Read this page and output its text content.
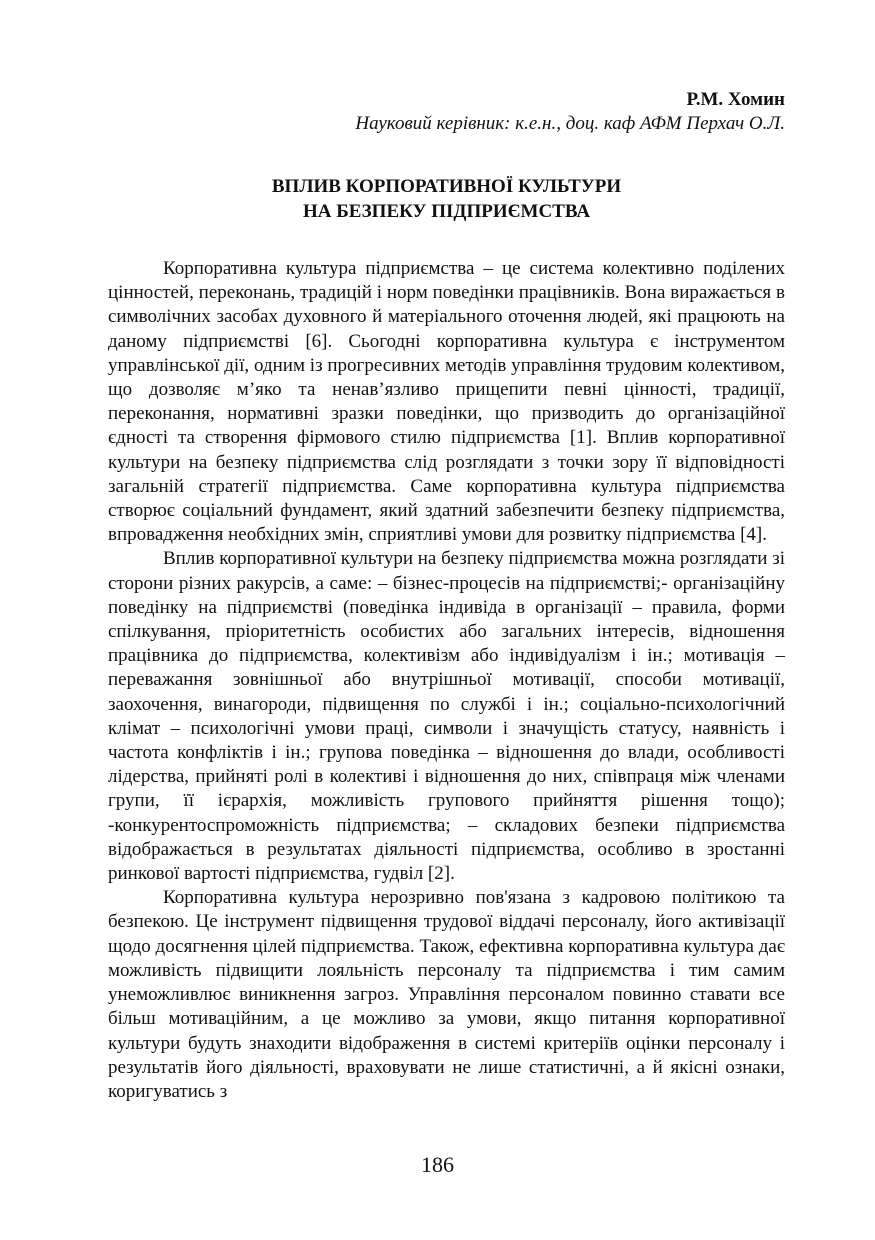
Р.М. Хомин

Науковий керівник: к.е.н., доц. каф АФМ Перхач О.Л.

ВПЛИВ КОРПОРАТИВНОЇ КУЛЬТУРИ
НА БЕЗПЕКУ ПІДПРИЄМСТВА

Корпоративна культура підприємства – це система колективно поділених цінностей, переконань, традицій і норм поведінки працівників. Вона виражається в символічних засобах духовного й матеріального оточення людей, які працюють на даному підприємстві [6]. Сьогодні корпоративна культура є інструментом управлінської дії, одним із прогресивних методів управління трудовим колективом, що дозволяє м’яко та ненав’язливо прищепити певні цінності, традиції, переконання, нормативні зразки поведінки, що призводить до організаційної єдності та створення фірмового стилю підприємства [1]. Вплив корпоративної культури на безпеку підприємства слід розглядати з точки зору її відповідності загальній стратегії підприємства. Саме корпоративна культура підприємства створює соціальний фундамент, який здатний забезпечити безпеку підприємства, впровадження необхідних змін, сприятливі умови для розвитку підприємства [4].

Вплив корпоративної культури на безпеку підприємства можна розглядати зі сторони різних ракурсів, а саме: – бізнес-процесів на підприємстві;- організаційну поведінку на підприємстві (поведінка індивіда в організації – правила, форми спілкування, пріоритетність особистих або загальних інтересів, відношення працівника до підприємства, колективізм або індивідуалізм і ін.; мотивація – переважання зовнішньої або внутрішньої мотивації, способи мотивації, заохочення, винагороди, підвищення по службі і ін.; соціально-психологічний клімат – психологічні умови праці, символи і значущість статусу, наявність і частота конфліктів і ін.; групова поведінка – відношення до влади, особливості лідерства, прийняті ролі в колективі і відношення до них, співпраця між членами групи, її ієрархія, можливість групового прийняття рішення тощо); -конкурентоспроможність підприємства; – складових безпеки підприємства відображається в результатах діяльності підприємства, особливо в зростанні ринкової вартості підприємства, гудвіл [2].

Корпоративна культура нерозривно пов'язана з кадровою політикою та безпекою. Це інструмент підвищення трудової віддачі персоналу, його активізації щодо досягнення цілей підприємства. Також, ефективна корпоративна культура дає можливість підвищити лояльність персоналу та підприємства і тим самим унеможливлює виникнення загроз. Управління персоналом повинно ставати все більш мотиваційним, а це можливо за умови, якщо питання корпоративної культури будуть знаходити відображення в системі критеріїв оцінки персоналу і результатів його діяльності, враховувати не лише статистичні, а й якісні ознаки, коригуватись з

186
